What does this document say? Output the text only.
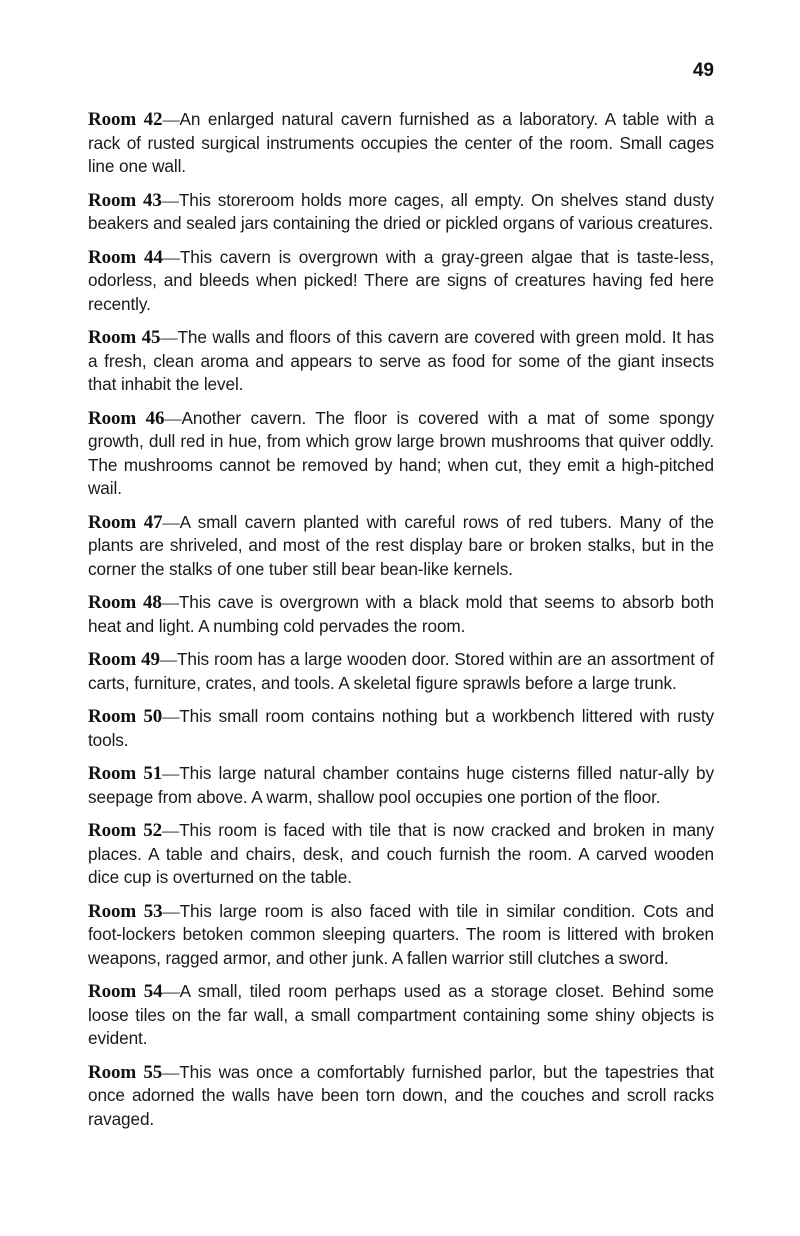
49

Room 42—An enlarged natural cavern furnished as a laboratory. A table with a rack of rusted surgical instruments occupies the center of the room. Small cages line one wall.

Room 43—This storeroom holds more cages, all empty. On shelves stand dusty beakers and sealed jars containing the dried or pickled organs of various creatures.

Room 44—This cavern is overgrown with a gray-green algae that is taste-less, odorless, and bleeds when picked! There are signs of creatures having fed here recently.

Room 45—The walls and floors of this cavern are covered with green mold. It has a fresh, clean aroma and appears to serve as food for some of the giant insects that inhabit the level.

Room 46—Another cavern. The floor is covered with a mat of some spongy growth, dull red in hue, from which grow large brown mushrooms that quiver oddly. The mushrooms cannot be removed by hand; when cut, they emit a high-pitched wail.

Room 47—A small cavern planted with careful rows of red tubers. Many of the plants are shriveled, and most of the rest display bare or broken stalks, but in the corner the stalks of one tuber still bear bean-like kernels.

Room 48—This cave is overgrown with a black mold that seems to absorb both heat and light. A numbing cold pervades the room.

Room 49—This room has a large wooden door. Stored within are an assortment of carts, furniture, crates, and tools. A skeletal figure sprawls before a large trunk.

Room 50—This small room contains nothing but a workbench littered with rusty tools.

Room 51—This large natural chamber contains huge cisterns filled natur-ally by seepage from above. A warm, shallow pool occupies one portion of the floor.

Room 52—This room is faced with tile that is now cracked and broken in many places. A table and chairs, desk, and couch furnish the room. A carved wooden dice cup is overturned on the table.

Room 53—This large room is also faced with tile in similar condition. Cots and foot-lockers betoken common sleeping quarters. The room is littered with broken weapons, ragged armor, and other junk. A fallen warrior still clutches a sword.

Room 54—A small, tiled room perhaps used as a storage closet. Behind some loose tiles on the far wall, a small compartment containing some shiny objects is evident.

Room 55—This was once a comfortably furnished parlor, but the tapestries that once adorned the walls have been torn down, and the couches and scroll racks ravaged.
